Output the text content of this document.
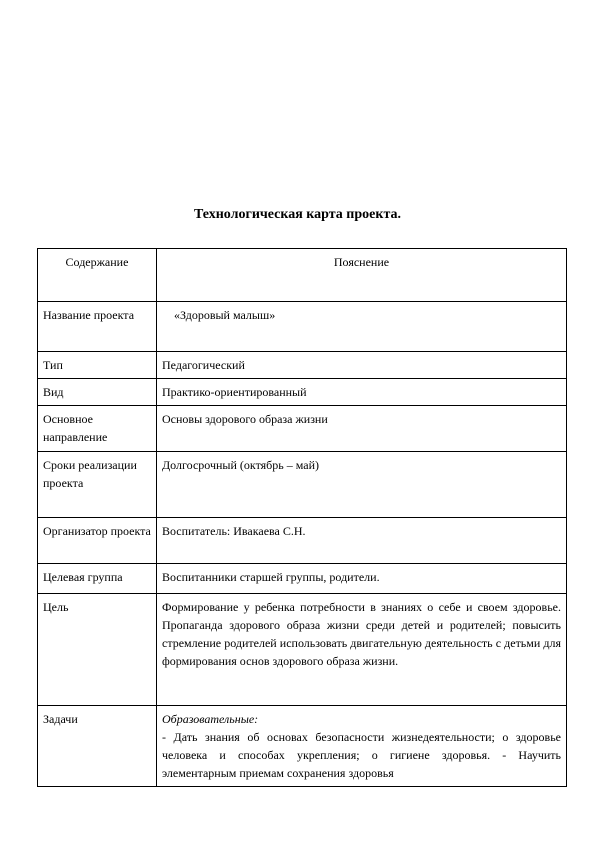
Технологическая карта проекта.
Содержание	Пояснение
Название проекта	«Здоровый малыш»
Тип	Педагогический
Вид	Практико-ориентированный
Основное направление	Основы здорового образа жизни
Сроки реализации проекта	Долгосрочный (октябрь – май)
Организатор проекта	Воспитатель: Ивакаева С.Н.
Целевая группа	Воспитанники старшей группы, родители.
Цель	Формирование у ребенка потребности в знаниях о себе и своем здоровье. Пропаганда здорового образа жизни среди детей и родителей; повысить стремление родителей использовать двигательную деятельность с детьми для формирования основ здорового образа жизни.
Задачи	Образовательные:
- Дать знания об основах безопасности жизнедеятельности; о здоровье человека и способах укрепления; о гигиене здоровья. - Научить элементарным приемам сохранения здоровья
